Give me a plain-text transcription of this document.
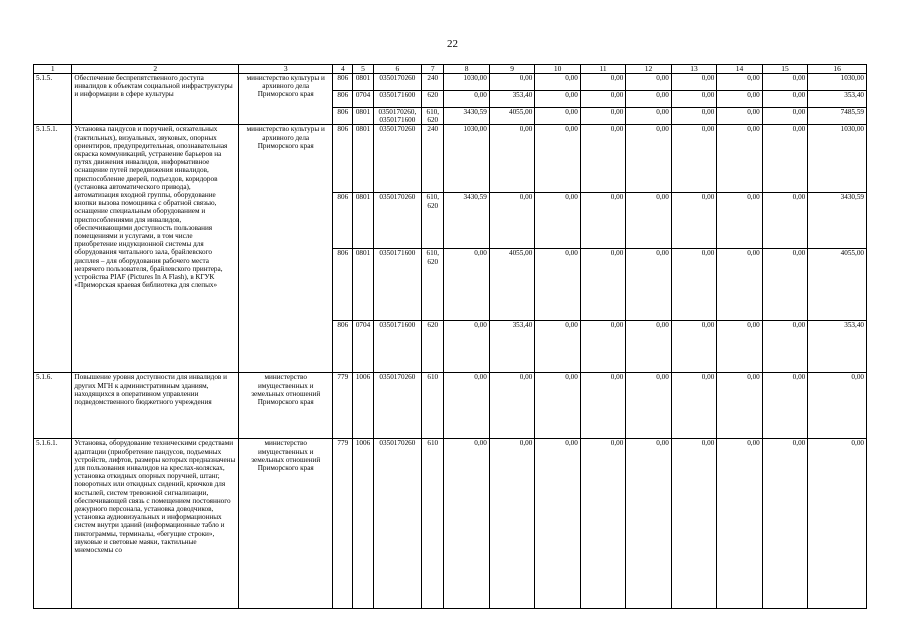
22
1	2	3	4	5	6	7	8	9	10	11	12	13	14	15	16
5.1.5.	Обеспечение беспрепятственного доступа инвалидов к объектам социальной инфраструктуры и информации в сфере культуры	министерство культуры и архивного дела Приморского края	806	0801	0350170260	240	1030,00	0,00	0,00	0,00	0,00	0,00	0,00	0,00	1030,00
			806	0704	0350171600	620	0,00	353,40	0,00	0,00	0,00	0,00	0,00	0,00	353,40
			806	0801	0350170260, 0350171600	610, 620	3430,59	4055,00	0,00	0,00	0,00	0,00	0,00	0,00	7485,59
5.1.5.1.	Установка пандусов и поручней, осязательных (тактильных), визуальных, звуковых, опорных ориентиров, предупредительная, опознавательная окраска коммуникаций, устранение барьеров на путях движения инвалидов, информативное оснащение путей передвижения инвалидов, приспособление дверей, подъездов, коридоров (установка автоматического привода), автоматизация входной группы, оборудование кнопки вызова помощника с обратной связью, оснащение специальным оборудованием и приспособлениями для инвалидов, обеспечивающими доступность пользования помещениями и услугами, в том числе приобретение индукционной системы для оборудования читального зала, брайлевского дисплея – для оборудования рабочего места незрячего пользователя, брайлевского принтера, устройства PIAF (Pictures In A Flash), в КГУК «Приморская краевая библиотека для слепых»	министерство культуры и архивного дела Приморского края	806	0801	0350170260	240	1030,00	0,00	0,00	0,00	0,00	0,00	0,00	0,00	1030,00
			806	0801	0350170260	610, 620	3430,59	0,00	0,00	0,00	0,00	0,00	0,00	0,00	3430,59
			806	0801	0350171600	610, 620	0,00	4055,00	0,00	0,00	0,00	0,00	0,00	0,00	4055,00
			806	0704	0350171600	620	0,00	353,40	0,00	0,00	0,00	0,00	0,00	0,00	353,40
5.1.6.	Повышение уровня доступности для инвалидов и других МГН к административным зданиям, находящихся в оперативном управлении подведомственного бюджетного учреждения	министерство имущественных и земельных отношений Приморского края	779	1006	0350170260	610	0,00	0,00	0,00	0,00	0,00	0,00	0,00	0,00	0,00
5.1.6.1.	Установка, оборудование техническими средствами адаптации (приобретение пандусов, подъемных устройств, лифтов, размеры которых предназначены для пользования инвалидов на креслах-колясках, установка откидных опорных поручней, штанг, поворотных или откидных сидений, крючков для костылей, систем тревожной сигнализации, обеспечивающей связь с помещением постоянного дежурного персонала, установка доводчиков, установка аудиовизуальных и информационных систем внутри зданий (информационные табло и пиктограммы, терминалы, «бегущие строки», звуковые и световые маяки, тактильные мнемосхемы со	министерство имущественных и земельных отношений Приморского края	779	1006	0350170260	610	0,00	0,00	0,00	0,00	0,00	0,00	0,00	0,00	0,00
